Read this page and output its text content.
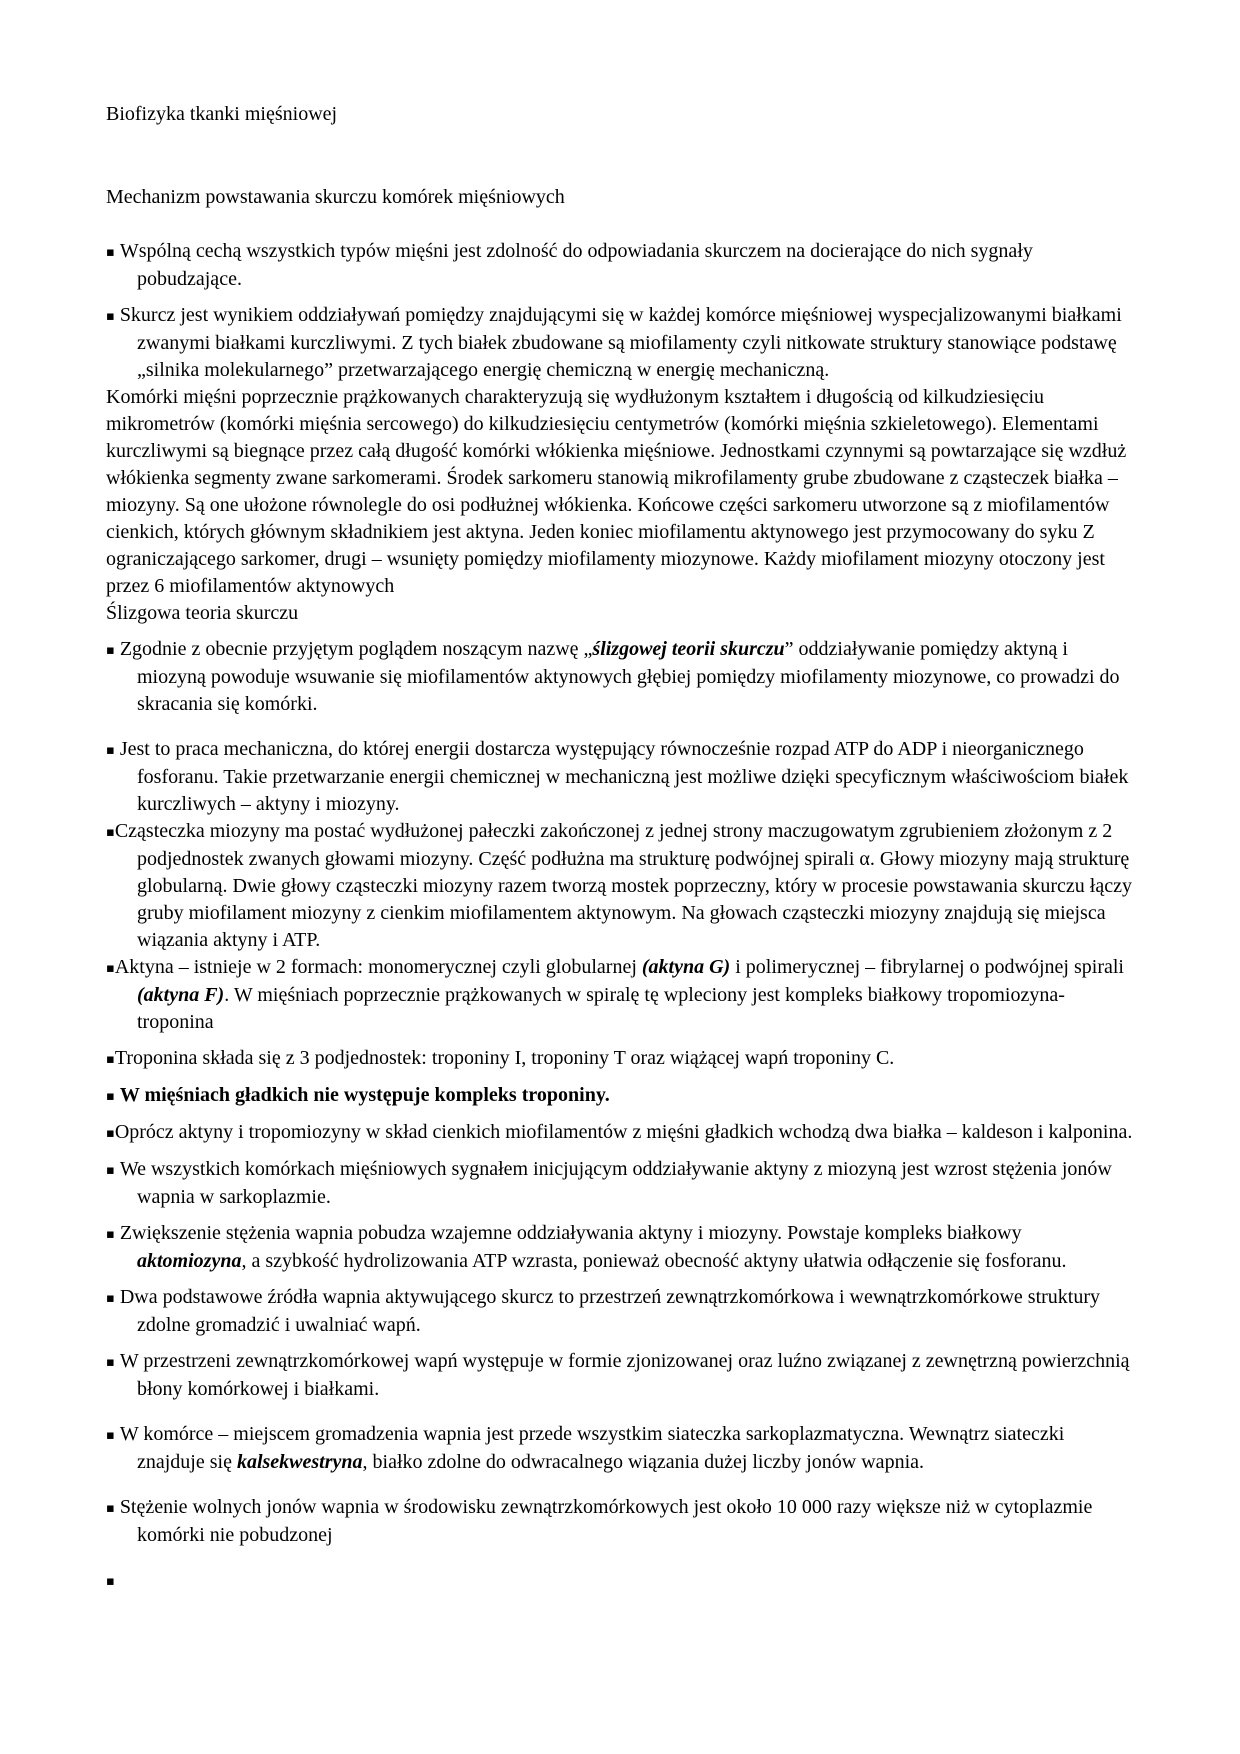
Biofizyka tkanki mięśniowej

Mechanizm powstawania skurczu komórek mięśniowych

▪ Wspólną cechą wszystkich typów mięśni jest zdolność do odpowiadania skurczem na docierające do nich sygnały pobudzające.
▪ Skurcz jest wynikiem oddziaływań pomiędzy znajdującymi się w każdej komórce mięśniowej wyspecjalizowanymi białkami zwanymi białkami kurczliwymi. Z tych białek zbudowane są miofilamenty czyli nitkowate struktury stanowiące podstawę „silnika molekularnego” przetwarzającego energię chemiczną w energię mechaniczną.
Komórki mięśni poprzecznie prążkowanych charakteryzują się wydłużonym kształtem i długością od kilkudziesięciu mikrometrów (komórki mięśnia sercowego) do kilkudziesięciu centymetrów (komórki mięśnia szkieletowego). Elementami kurczliwymi są biegnące przez całą długość komórki włókienka mięśniowe. Jednostkami czynnymi są powtarzające się wzdłuż włókienka segmenty zwane sarkomerami. Środek sarkomeru stanowią mikrofilamenty grube zbudowane z cząsteczek białka – miozyny. Są one ułożone równolegle do osi podłużnej włókienka. Końcowe części sarkomeru utworzone są z miofilamentów cienkich, których głównym składnikiem jest aktyna. Jeden koniec miofilamentu aktynowego jest przymocowany do syku Z ograniczającego sarkomer, drugi – wsunięty pomiędzy miofilamenty miozynowe. Każdy miofilament miozyny otoczony jest przez 6 miofilamentów aktynowych
Ślizgowa teoria skurczu
▪ Zgodnie z obecnie przyjętym poglądem noszącym nazwę „ślizgowej teorii skurczu” oddziaływanie pomiędzy aktyną i miozyną powoduje wsuwanie się miofilamentów aktynowych głębiej pomiędzy miofilamenty miozynowe, co prowadzi do skracania się komórki.
▪ Jest to praca mechaniczna, do której energii dostarcza występujący równocześnie rozpad ATP do ADP i nieorganicznego fosforanu. Takie przetwarzanie energii chemicznej w mechaniczną jest możliwe dzięki specyficznym właściwościom białek kurczliwych – aktyny i miozyny.
▪Cząsteczka miozyny ma postać wydłużonej pałeczki zakończonej z jednej strony maczugowatym zgrubieniem złożonym z 2 podjednostek zwanych głowami miozyny. Część podłużna ma strukturę podwójnej spirali α. Głowy miozyny mają strukturę globularną. Dwie głowy cząsteczki miozyny razem tworzą mostek poprzeczny, który w procesie powstawania skurczu łączy gruby miofilament miozyny z cienkim miofilamentem aktynowym. Na głowach cząsteczki miozyny znajdują się miejsca wiązania aktyny i ATP.
▪Aktyna – istnieje w 2 formach: monomerycznej czyli globularnej (aktyna G) i polimerycznej – fibrylarnej o podwójnej spirali (aktyna F). W mięśniach poprzecznie prążkowanych w spiralę tę wpleciony jest kompleks białkowy tropomiozyna-troponina
▪Troponina składa się z 3 podjednostek: troponiny I, troponiny T oraz wiążącej wapń troponiny C.
▪ W mięśniach gładkich nie występuje kompleks troponiny.
▪Oprócz aktyny i tropomiozyny w skład cienkich miofilamentów z mięśni gładkich wchodzą dwa białka – kaldeson i kalponina.
▪ We wszystkich komórkach mięśniowych sygnałem inicjującym oddziaływanie aktyny z miozyną jest wzrost stężenia jonów wapnia w sarkoplazmie.
▪ Zwiększenie stężenia wapnia pobudza wzajemne oddziaływania aktyny i miozyny. Powstaje kompleks białkowy aktomiozyna, a szybkość hydrolizowania ATP wzrasta, ponieważ obecność aktyny ułatwia odłączenie się fosforanu.
▪ Dwa podstawowe źródła wapnia aktywującego skurcz to przestrzeń zewnątrzkomórkowa i wewnątrzkomórkowe struktury zdolne gromadzić i uwalniać wapń.
▪ W przestrzeni zewnątrzkomórkowej wapń występuje w formie zjonizowanej oraz luźno związanej z zewnętrzną powierzchnią błony komórkowej i białkami.
▪ W komórce – miejscem gromadzenia wapnia jest przede wszystkim siateczka sarkoplazmatyczna. Wewnątrz siateczki znajduje się kalsekwestryna, białko zdolne do odwracalnego wiązania dużej liczby jonów wapnia.
▪ Stężenie wolnych jonów wapnia w środowisku zewnątrzkomórkowych jest około 10 000 razy większe niż w cytoplazmie komórki nie pobudzonej
▪
